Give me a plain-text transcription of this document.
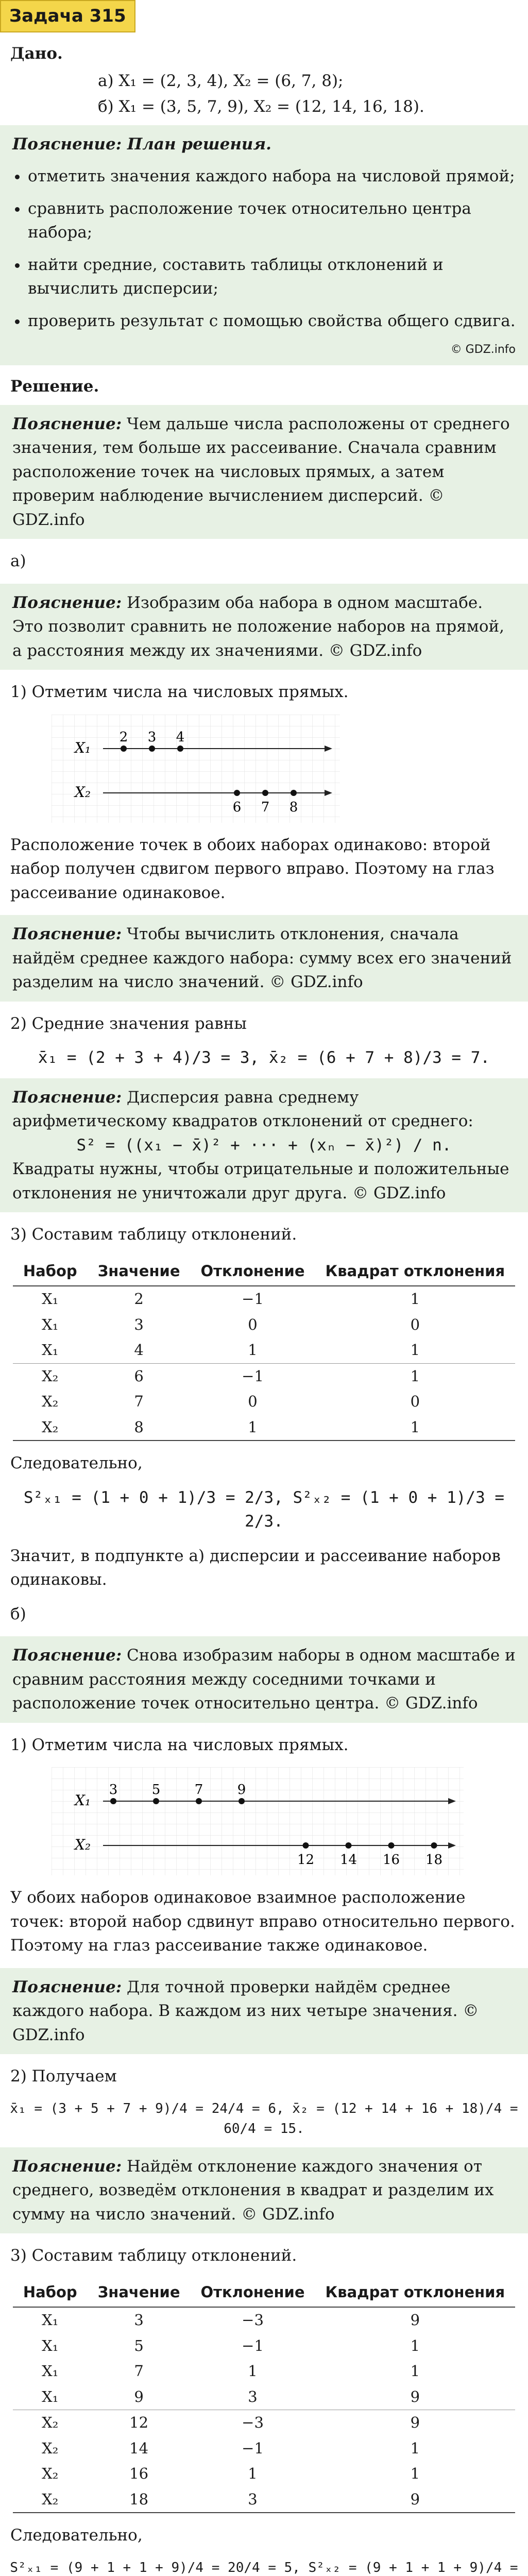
Задача 315
Дано.
а) X₁ = (2, 3, 4), X₂ = (6, 7, 8);
б) X₁ = (3, 5, 7, 9), X₂ = (12, 14, 16, 18).

Пояснение: План решения.

• отметить значения каждого набора на числовой прямой;
• сравнить расположение точек относительно центра набора;
• найти средние, составить таблицы отклонений и вычислить дисперсии;
• проверить результат с помощью свойства общего сдвига.
© GDZ.info
Решение.

Пояснение: Чем дальше числа расположены от среднего значения, тем больше их рассеивание. Сначала сравним расположение точек на числовых прямых, а затем проверим наблюдение вычислением дисперсий. © GDZ.info

а)

Пояснение: Изобразим оба набора в одном масштабе. Это позволит сравнить не положение наборов на прямой, а расстояния между их значениями. © GDZ.info

1) Отметим числа на числовых прямых.
X₁
2 3 4
X₂
6 7 8
Расположение точек в обоих наборах одинаково: второй набор получен сдвигом первого вправо. Поэтому на глаз рассеивание одинаковое.

Пояснение: Чтобы вычислить отклонения, сначала найдём среднее каждого набора: сумму всех его значений разделим на число значений. © GDZ.info

2) Средние значения равны
x̄₁ = (2 + 3 + 4)/3 = 3, x̄₂ = (6 + 7 + 8)/3 = 7.

Пояснение: Дисперсия равна среднему арифметическому квадратов отклонений от среднего:

S² = ((x₁ − x̄)² + ··· + (xₙ − x̄)²) / n.

Квадраты нужны, чтобы отрицательные и положительные отклонения не уничтожали друг друга. © GDZ.info

3) Составим таблицу отклонений.
Набор	Значение	Отклонение	Квадрат отклонения
X₁	2	−1	1
X₁	3	0	0
X₁	4	1	1
X₂	6	−1	1
X₂	7	0	0
X₂	8	1	1
Следовательно,
S²ₓ₁ = (1 + 0 + 1)/3 = 2/3, S²ₓ₂ = (1 + 0 + 1)/3 = 2/3.
Значит, в подпункте а) дисперсии и рассеивание наборов одинаковы.
б)

Пояснение: Снова изобразим наборы в одном масштабе и сравним расстояния между соседними точками и расположение точек относительно центра. © GDZ.info

1) Отметим числа на числовых прямых.
X₁
3	5	7	9
X₂
12 14 16 18
У обоих наборов одинаковое взаимное расположение точек: второй набор сдвинут вправо относительно первого. Поэтому на глаз рассеивание также одинаковое.

Пояснение: Для точной проверки найдём среднее каждого набора. В каждом из них четыре значения. © GDZ.info

2) Получаем
x̄₁ = (3 + 5 + 7 + 9)/4 = 24/4 = 6, x̄₂ = (12 + 14 + 16 + 18)/4 = 60/4 = 15.

Пояснение: Найдём отклонение каждого значения от среднего, возведём отклонения в квадрат и разделим их сумму на число значений. © GDZ.info

3) Составим таблицу отклонений.
Набор	Значение	Отклонение	Квадрат отклонения
X₁	3	−3	9
X₁	5	−1	1
X₁	7	1	1
X₁	9	3	9
X₂	12	−3	9
X₂	14	−1	1
X₂	16	1	1
X₂	18	3	9
Следовательно,
S²ₓ₁ = (9 + 1 + 1 + 9)/4 = 20/4 = 5, S²ₓ₂ = (9 + 1 + 1 + 9)/4 =
